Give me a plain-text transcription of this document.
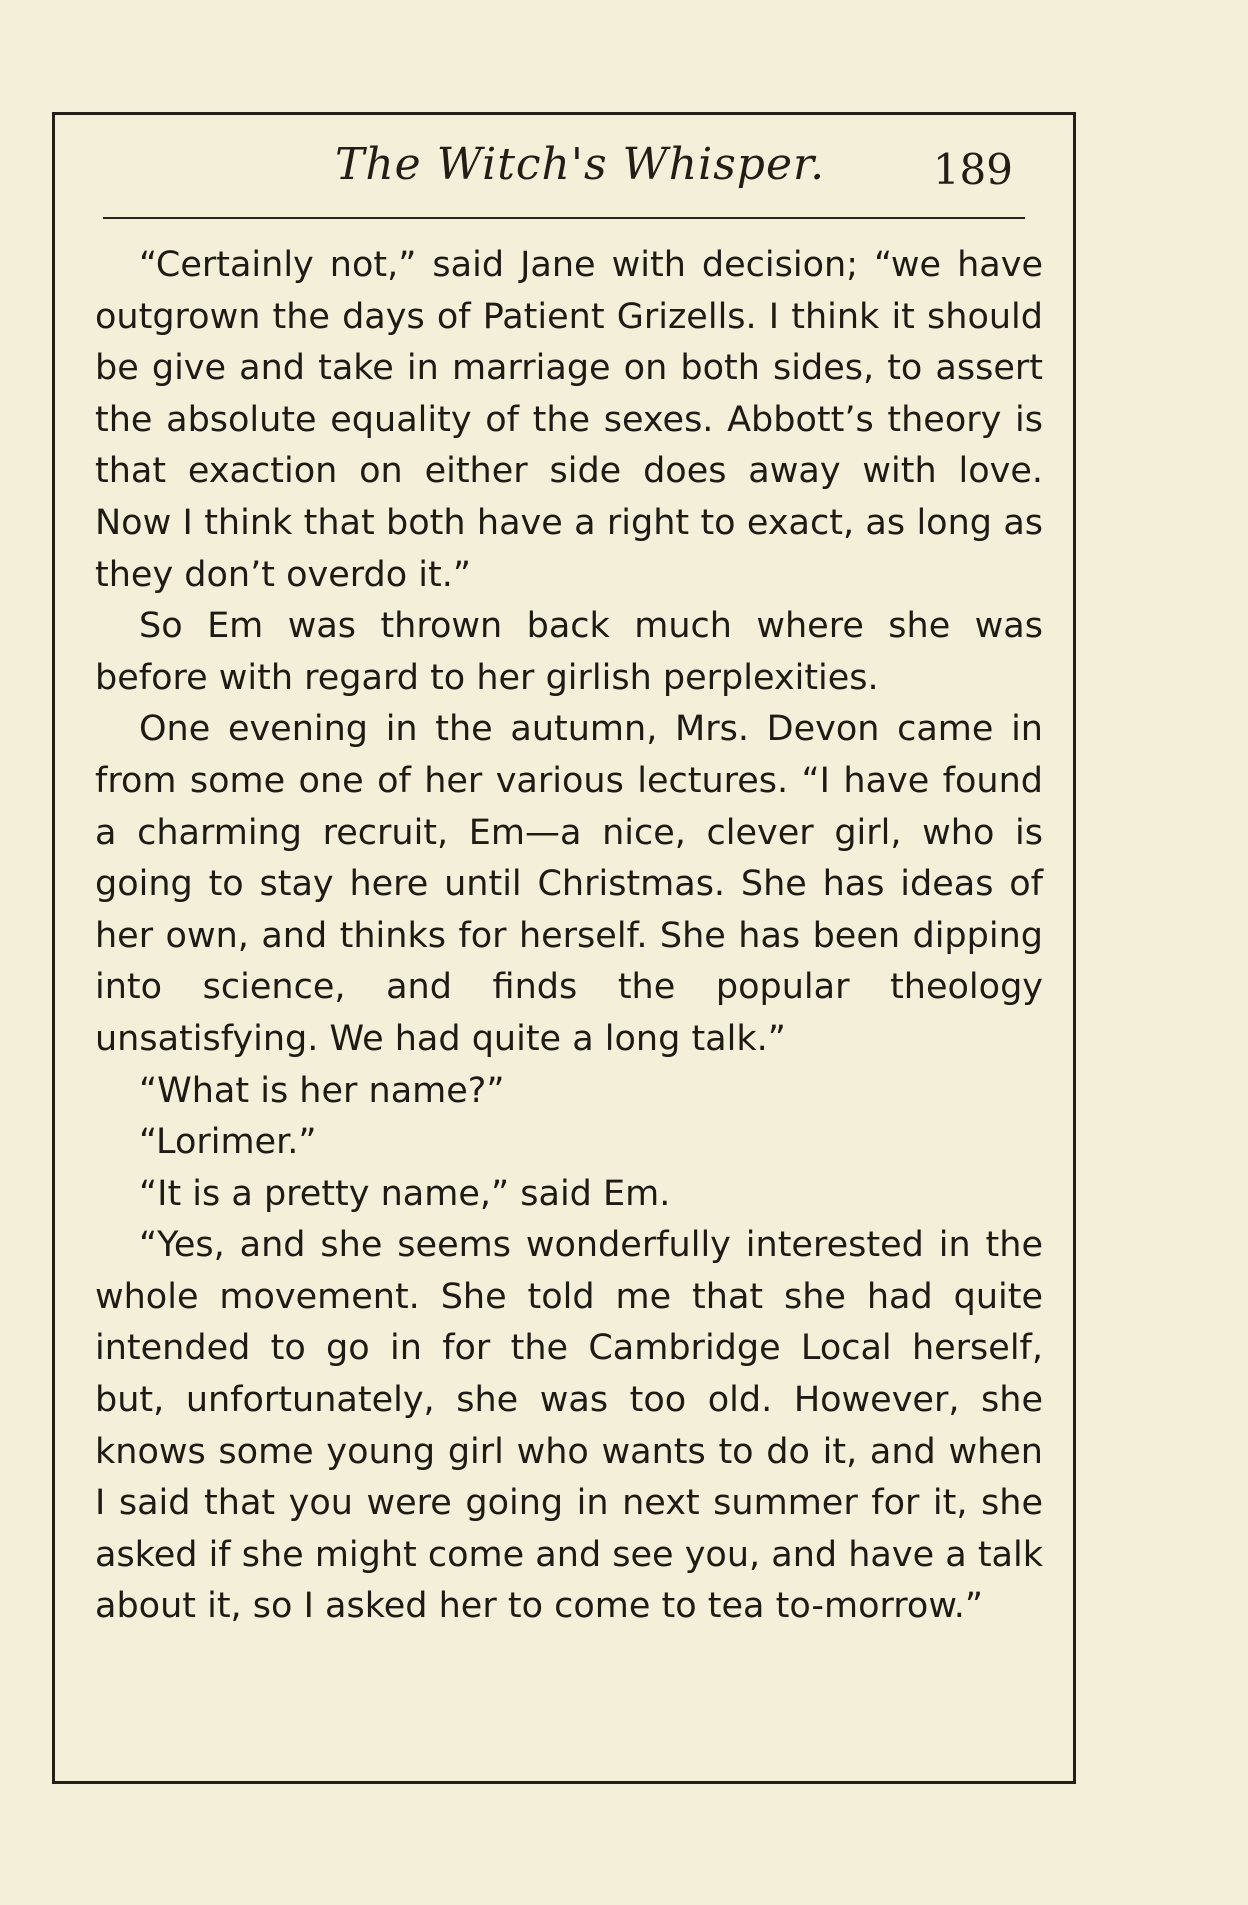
The Witch's Whisper.	189

“Certainly not,” said Jane with decision; “we have outgrown the days of Patient Grizells. I think it should be give and take in marriage on both sides, to assert the absolute equality of the sexes. Abbott’s theory is that exaction on either side does away with love. Now I think that both have a right to exact, as long as they don’t overdo it.”

So Em was thrown back much where she was before with regard to her girlish perplexities.

One evening in the autumn, Mrs. Devon came in from some one of her various lectures. “I have found a charming recruit, Em—a nice, clever girl, who is going to stay here until Christmas. She has ideas of her own, and thinks for herself. She has been dipping into science, and finds the popular theology unsatisfying. We had quite a long talk.”

“What is her name?”

“Lorimer.”

“It is a pretty name,” said Em.

“Yes, and she seems wonderfully interested in the whole movement. She told me that she had quite intended to go in for the Cambridge Local herself, but, unfortunately, she was too old. However, she knows some young girl who wants to do it, and when I said that you were going in next summer for it, she asked if she might come and see you, and have a talk about it, so I asked her to come to tea to-morrow.”
